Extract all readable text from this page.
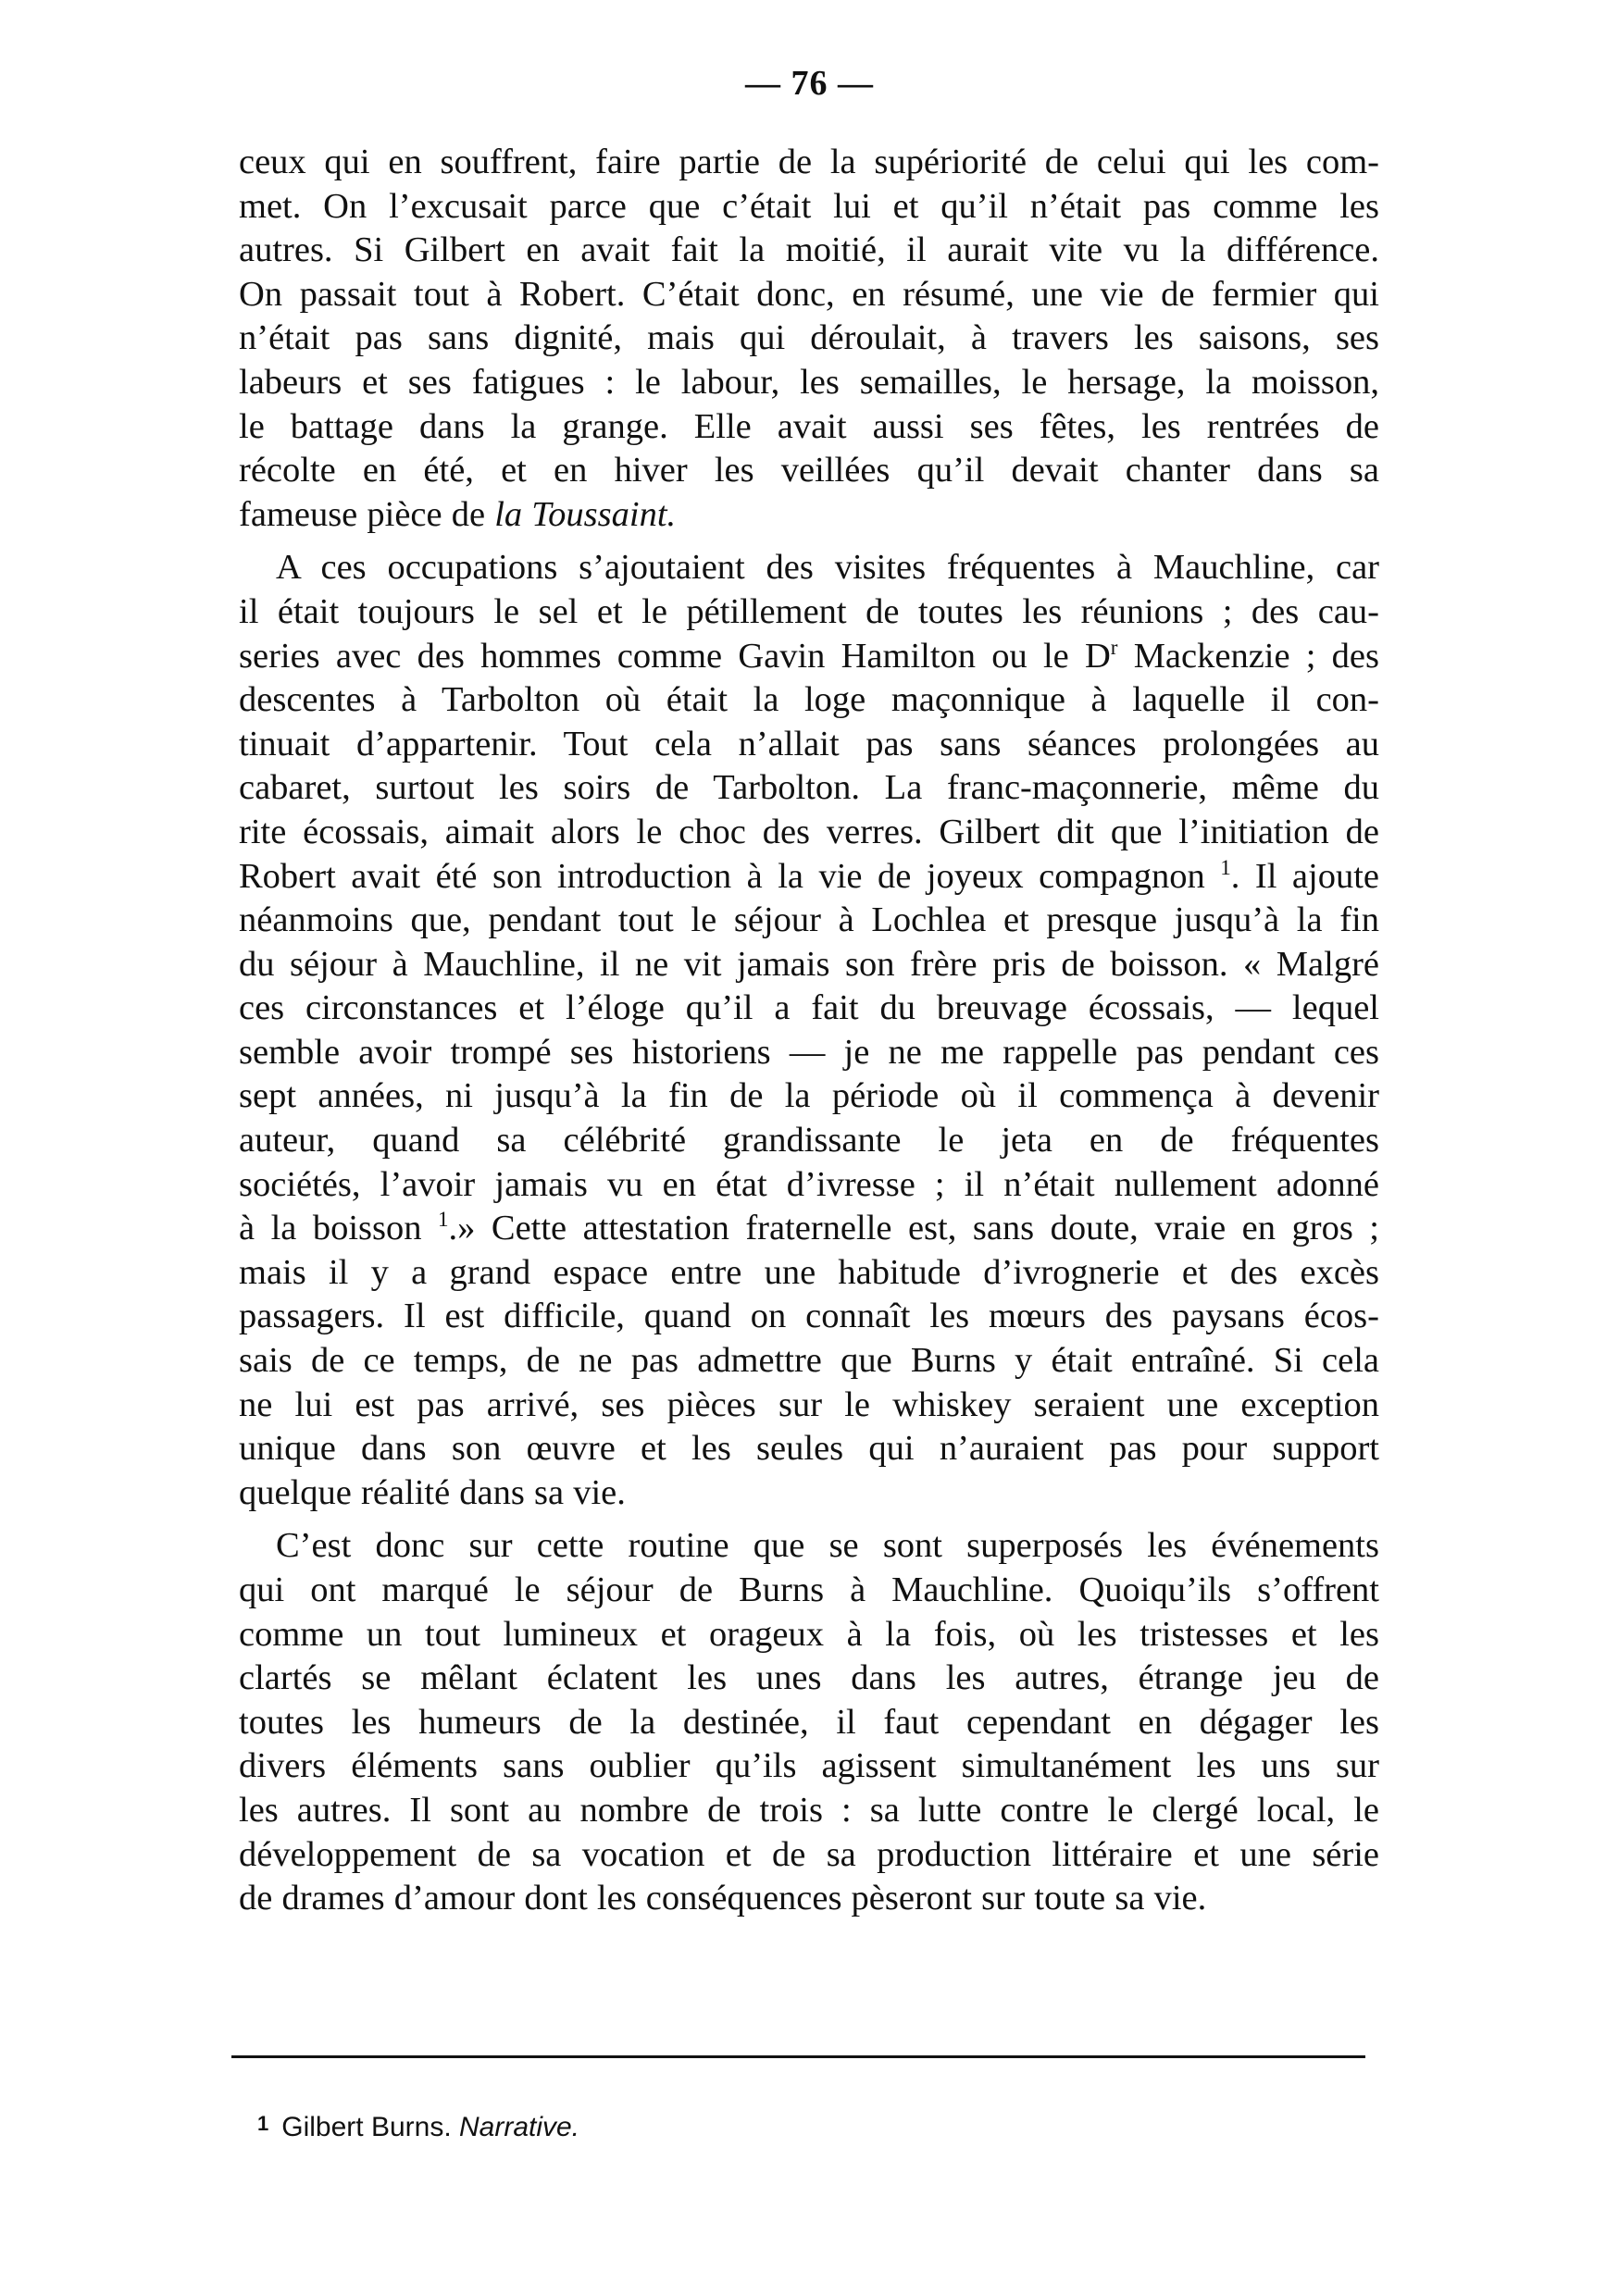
— 76 —

ceux qui en souffrent, faire partie de la supériorité de celui qui les com-
met. On l’excusait parce que c’était lui et qu’il n’était pas comme les
autres. Si Gilbert en avait fait la moitié, il aurait vite vu la différence.
On passait tout à Robert. C’était donc, en résumé, une vie de fermier qui
n’était pas sans dignité, mais qui déroulait, à travers les saisons, ses
labeurs et ses fatigues : le labour, les semailles, le hersage, la moisson,
le battage dans la grange. Elle avait aussi ses fêtes, les rentrées de
récolte en été, et en hiver les veillées qu’il devait chanter dans sa
fameuse pièce de la Toussaint.

A ces occupations s’ajoutaient des visites fréquentes à Mauchline, car
il était toujours le sel et le pétillement de toutes les réunions ; des cau-
series avec des hommes comme Gavin Hamilton ou le $D^r$ Mackenzie ; des
descentes à Tarbolton où était la loge maçonnique à laquelle il con-
tinuait d’appartenir. Tout cela n’allait pas sans séances prolongées au
cabaret, surtout les soirs de Tarbolton. La franc-maçonnerie, même du
rite écossais, aimait alors le choc des verres. Gilbert dit que l’initiation de
Robert avait été son introduction à la vie de joyeux compagnon $^1$. Il ajoute
néanmoins que, pendant tout le séjour à Lochlea et presque jusqu’à la fin
du séjour à Mauchline, il ne vit jamais son frère pris de boisson. « Malgré
ces circonstances et l’éloge qu’il a fait du breuvage écossais, — lequel
semble avoir trompé ses historiens — je ne me rappelle pas pendant ces
sept années, ni jusqu’à la fin de la période où il commença à devenir
auteur, quand sa célébrité grandissante le jeta en de fréquentes
sociétés, l’avoir jamais vu en état d’ivresse ; il n’était nullement adonné
à la boisson $^1$.» Cette attestation fraternelle est, sans doute, vraie en gros ;
mais il y a grand espace entre une habitude d’ivrognerie et des excès
passagers. Il est difficile, quand on connaît les mœurs des paysans écos-
sais de ce temps, de ne pas admettre que Burns y était entraîné. Si cela
ne lui est pas arrivé, ses pièces sur le whiskey seraient une exception
unique dans son œuvre et les seules qui n’auraient pas pour support
quelque réalité dans sa vie.

C’est donc sur cette routine que se sont superposés les événements
qui ont marqué le séjour de Burns à Mauchline. Quoiqu’ils s’offrent
comme un tout lumineux et orageux à la fois, où les tristesses et les
clartés se mêlant éclatent les unes dans les autres, étrange jeu de
toutes les humeurs de la destinée, il faut cependant en dégager les
divers éléments sans oublier qu’ils agissent simultanément les uns sur
les autres. Il sont au nombre de trois : sa lutte contre le clergé local, le
développement de sa vocation et de sa production littéraire et une série
de drames d’amour dont les conséquences pèseront sur toute sa vie.

$^1$ Gilbert Burns. Narrative.
